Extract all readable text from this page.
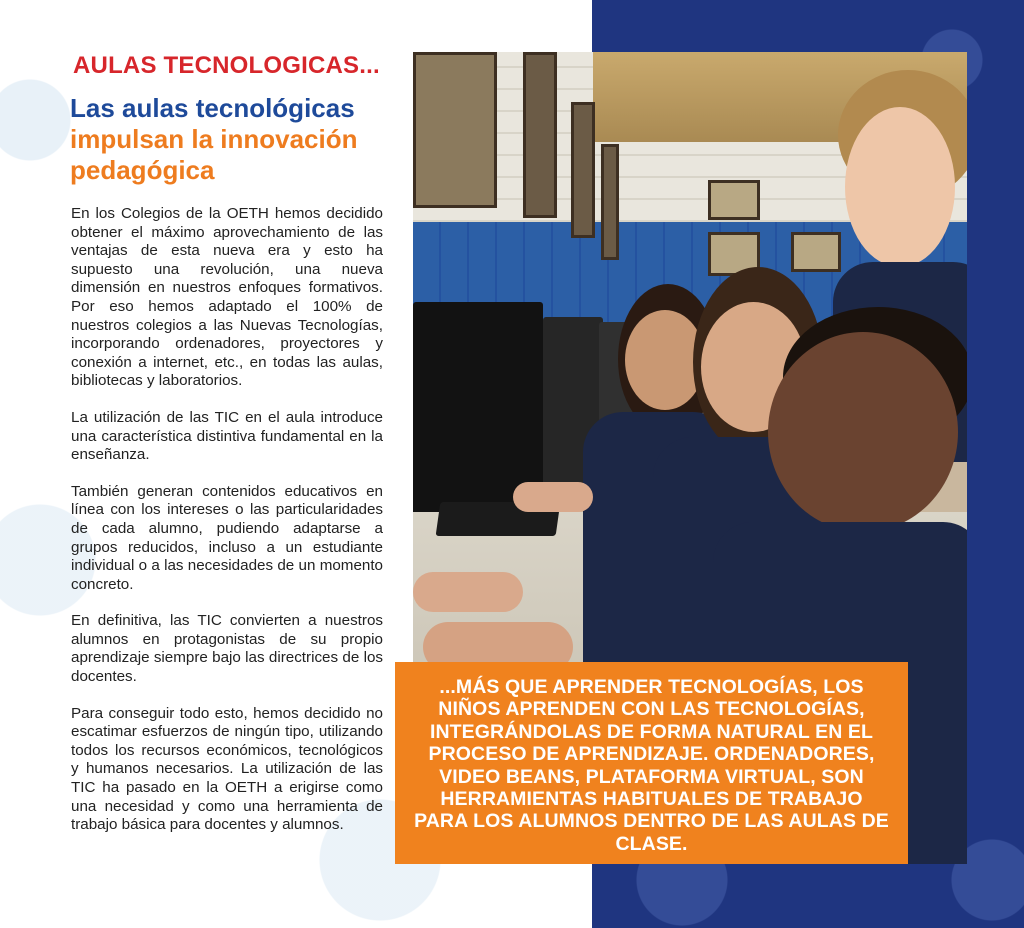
AULAS TECNOLOGICAS...
Las aulas tecnológicas
impulsan la innovación pedagógica

En los Colegios de la OETH hemos decidido obtener el máximo aprovechamiento de las ventajas de esta nueva era y esto ha supuesto una revolución, una nueva dimensión en nuestros enfoques formativos. Por eso hemos adaptado el 100% de nuestros colegios a las Nuevas Tecnologías, incorporando ordenadores, proyectores y conexión a internet, etc., en todas las aulas, bibliotecas y laboratorios.

La utilización de las TIC en el aula introduce una característica distintiva fundamental en la enseñanza.

También generan contenidos educativos en línea con los intereses o las particularidades de cada alumno, pudiendo adaptarse a grupos reducidos, incluso a un estudiante individual o a las necesidades de un momento concreto.

En definitiva, las TIC convierten a nuestros alumnos en protagonistas de su propio aprendizaje siempre bajo las directrices de los docentes.

Para conseguir todo esto, hemos decidido no escatimar esfuerzos de ningún tipo, utilizando todos los recursos económicos, tecnológicos y humanos necesarios. La utilización de las TIC ha pasado en la OETH a erigirse como una necesidad y como una herramienta de trabajo básica para docentes y alumnos.

...MÁS QUE APRENDER TECNOLOGÍAS, LOS NIÑOS APRENDEN CON LAS TECNOLOGÍAS, INTEGRÁNDOLAS DE FORMA NATURAL EN EL PROCESO DE APRENDIZAJE. ORDENADORES, VIDEO BEANS, PLATAFORMA VIRTUAL, SON HERRAMIENTAS HABITUALES DE TRABAJO PARA LOS ALUMNOS DENTRO DE LAS AULAS DE CLASE.
